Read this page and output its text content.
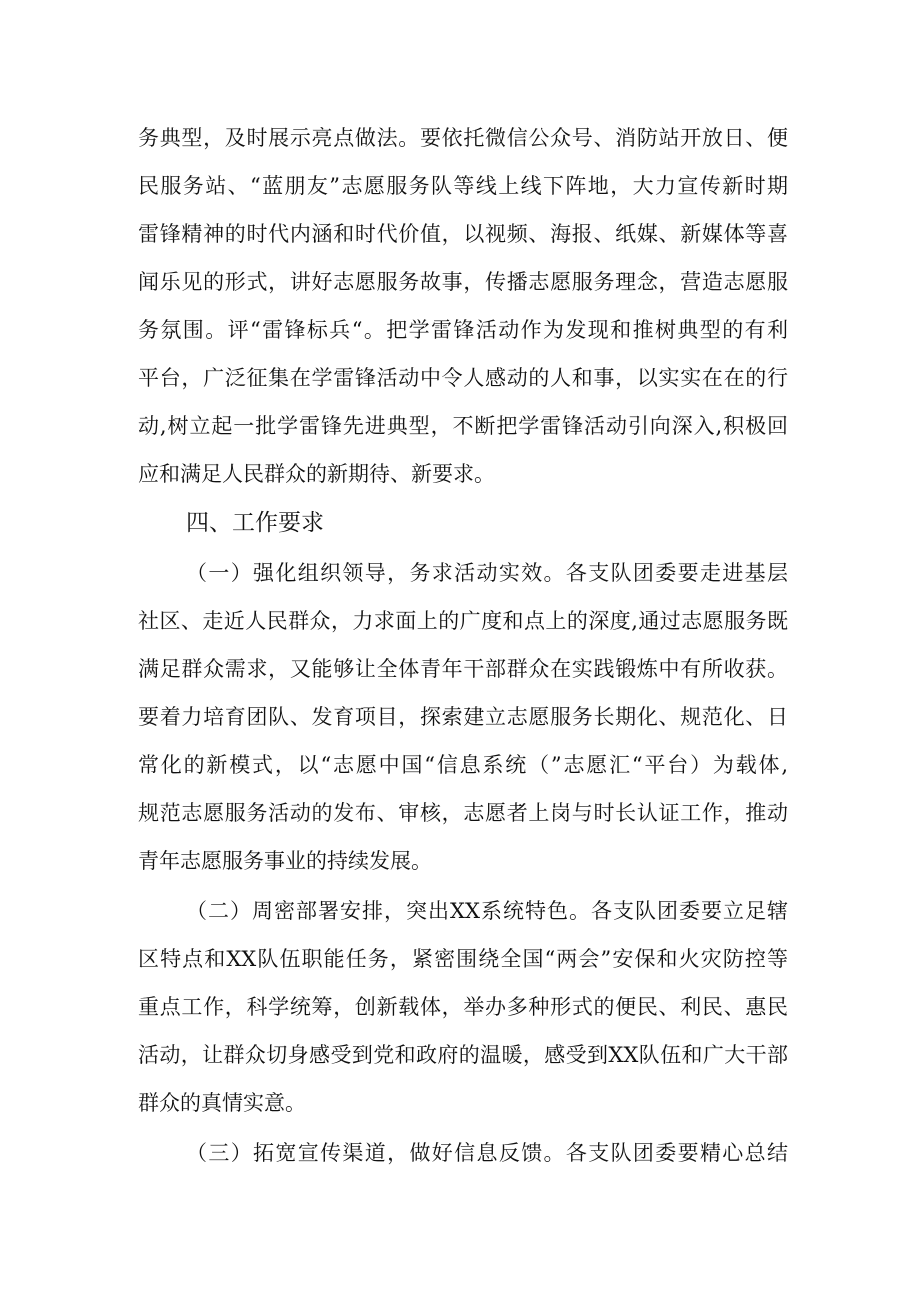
务典型，及时展示亮点做法。要依托微信公众号、消防站开放日、便
民服务站、“蓝朋友”志愿服务队等线上线下阵地，大力宣传新时期
雷锋精神的时代内涵和时代价值，以视频、海报、纸媒、新媒体等喜
闻乐见的形式，讲好志愿服务故事，传播志愿服务理念，营造志愿服
务氛围。评“雷锋标兵“。把学雷锋活动作为发现和推树典型的有利
平台，广泛征集在学雷锋活动中令人感动的人和事，以实实在在的行
动,树立起一批学雷锋先进典型，不断把学雷锋活动引向深入,积极回
应和满足人民群众的新期待、新要求。
四、工作要求
（一）强化组织领导，务求活动实效。各支队团委要走进基层
社区、走近人民群众，力求面上的广度和点上的深度,通过志愿服务既
满足群众需求，又能够让全体青年干部群众在实践锻炼中有所收获。
要着力培育团队、发育项目，探索建立志愿服务长期化、规范化、日
常化的新模式，以“志愿中国“信息系统（”志愿汇“平台）为载体,
规范志愿服务活动的发布、审核，志愿者上岗与时长认证工作，推动
青年志愿服务事业的持续发展。
（二）周密部署安排，突出XX系统特色。各支队团委要立足辖
区特点和XX队伍职能任务，紧密围绕全国“两会”安保和火灾防控等
重点工作，科学统筹，创新载体，举办多种形式的便民、利民、惠民
活动，让群众切身感受到党和政府的温暖，感受到XX队伍和广大干部
群众的真情实意。
（三）拓宽宣传渠道，做好信息反馈。各支队团委要精心总结
